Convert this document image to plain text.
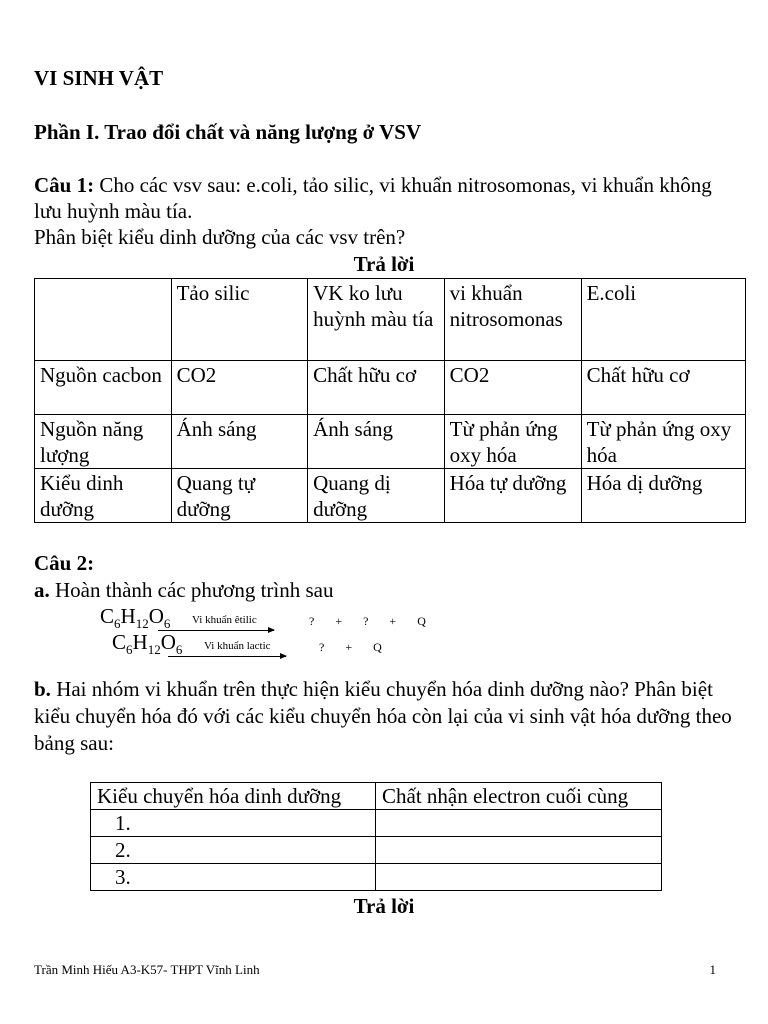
VI SINH VẬT
Phần I. Trao đổi chất và năng lượng ở VSV
Câu 1: Cho các vsv sau: e.coli, tảo silic, vi khuẩn nitrosomonas, vi khuẩn không lưu huỳnh màu tía.
Phân biệt kiểu dinh dưỡng của các vsv trên?
Trả lời
	Tảo silic	VK ko lưu huỳnh màu tía	vi khuẩn nitrosomonas	E.coli
Nguồn cacbon	CO2	Chất hữu cơ	CO2	Chất hữu cơ
Nguồn năng lượng	Ánh sáng	Ánh sáng	Từ phản ứng oxy hóa	Từ phản ứng oxy hóa
Kiểu dinh dưỡng	Quang tự dưỡng	Quang dị dưỡng	Hóa tự dưỡng	Hóa dị dưỡng
Câu 2:
a. Hoàn thành các phương trình sau
$C_6H_{12}O_6$ Vi khuẩn êtilic	?       +       ?       +       Q
$C_6H_{12}O_6$ Vi khuẩn lactic	?       +       Q
b. Hai nhóm vi khuẩn trên thực hiện kiểu chuyển hóa dinh dưỡng nào? Phân biệt kiểu chuyển hóa đó với các kiểu chuyển hóa còn lại của vi sinh vật hóa dưỡng theo bảng sau:
Kiểu chuyển hóa dinh dưỡng	Chất nhận electron cuối cùng
1.	
2.	
3.	
Trả lời
Trần Minh Hiếu A3-K57- THPT Vĩnh Linh	1
